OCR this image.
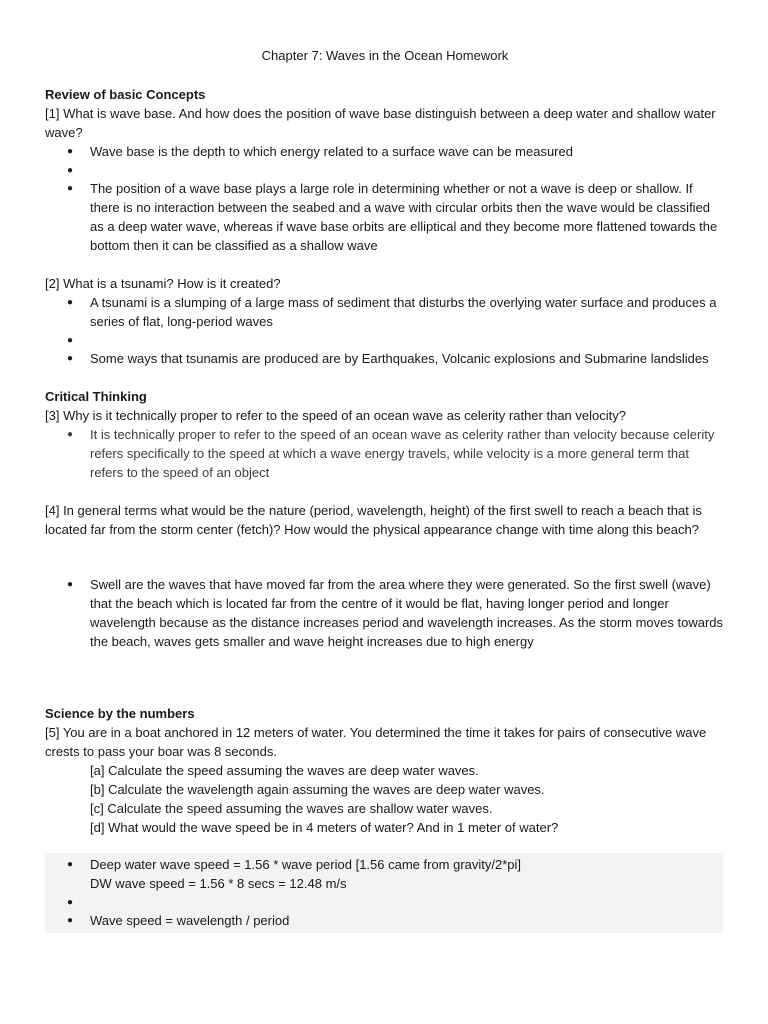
Chapter 7: Waves in the Ocean Homework

Review of basic Concepts

[1] What is wave base. And how does the position of wave base distinguish between a deep water and shallow water wave?

● Wave base is the depth to which energy related to a surface wave can be measured
●
● The position of a wave base plays a large role in determining whether or not a wave is deep or shallow. If there is no interaction between the seabed and a wave with circular orbits then the wave would be classified as a deep water wave, whereas if wave base orbits are elliptical and they become more flattened towards the bottom then it can be classified as a shallow wave

[2] What is a tsunami? How is it created?

● A tsunami is a slumping of a large mass of sediment that disturbs the overlying water surface and produces a series of flat, long-period waves
●
● Some ways that tsunamis are produced are by Earthquakes, Volcanic explosions and Submarine landslides

Critical Thinking

[3] Why is it technically proper to refer to the speed of an ocean wave as celerity rather than velocity?

● It is technically proper to refer to the speed of an ocean wave as celerity rather than velocity because celerity refers specifically to the speed at which a wave energy travels, while velocity is a more general term that refers to the speed of an object

[4] In general terms what would be the nature (period, wavelength, height) of the first swell to reach a beach that is located far from the storm center (fetch)? How would the physical appearance change with time along this beach?

● Swell are the waves that have moved far from the area where they were generated. So the first swell (wave) that the beach which is located far from the centre of it would be flat, having longer period and longer wavelength because as the distance increases period and wavelength increases. As the storm moves towards the beach, waves gets smaller and wave height increases due to high energy

Science by the numbers

[5] You are in a boat anchored in 12 meters of water. You determined the time it takes for pairs of consecutive wave crests to pass your boar was 8 seconds.

[a] Calculate the speed assuming the waves are deep water waves.

[b] Calculate the wavelength again assuming the waves are deep water waves.

[c] Calculate the speed assuming the waves are shallow water waves.

[d] What would the wave speed be in 4 meters of water? And in 1 meter of water?

● Deep water wave speed = 1.56 * wave period [1.56 came from gravity/2*pi]
DW wave speed = 1.56 * 8 secs = 12.48 m/s
●
● Wave speed = wavelength / period
